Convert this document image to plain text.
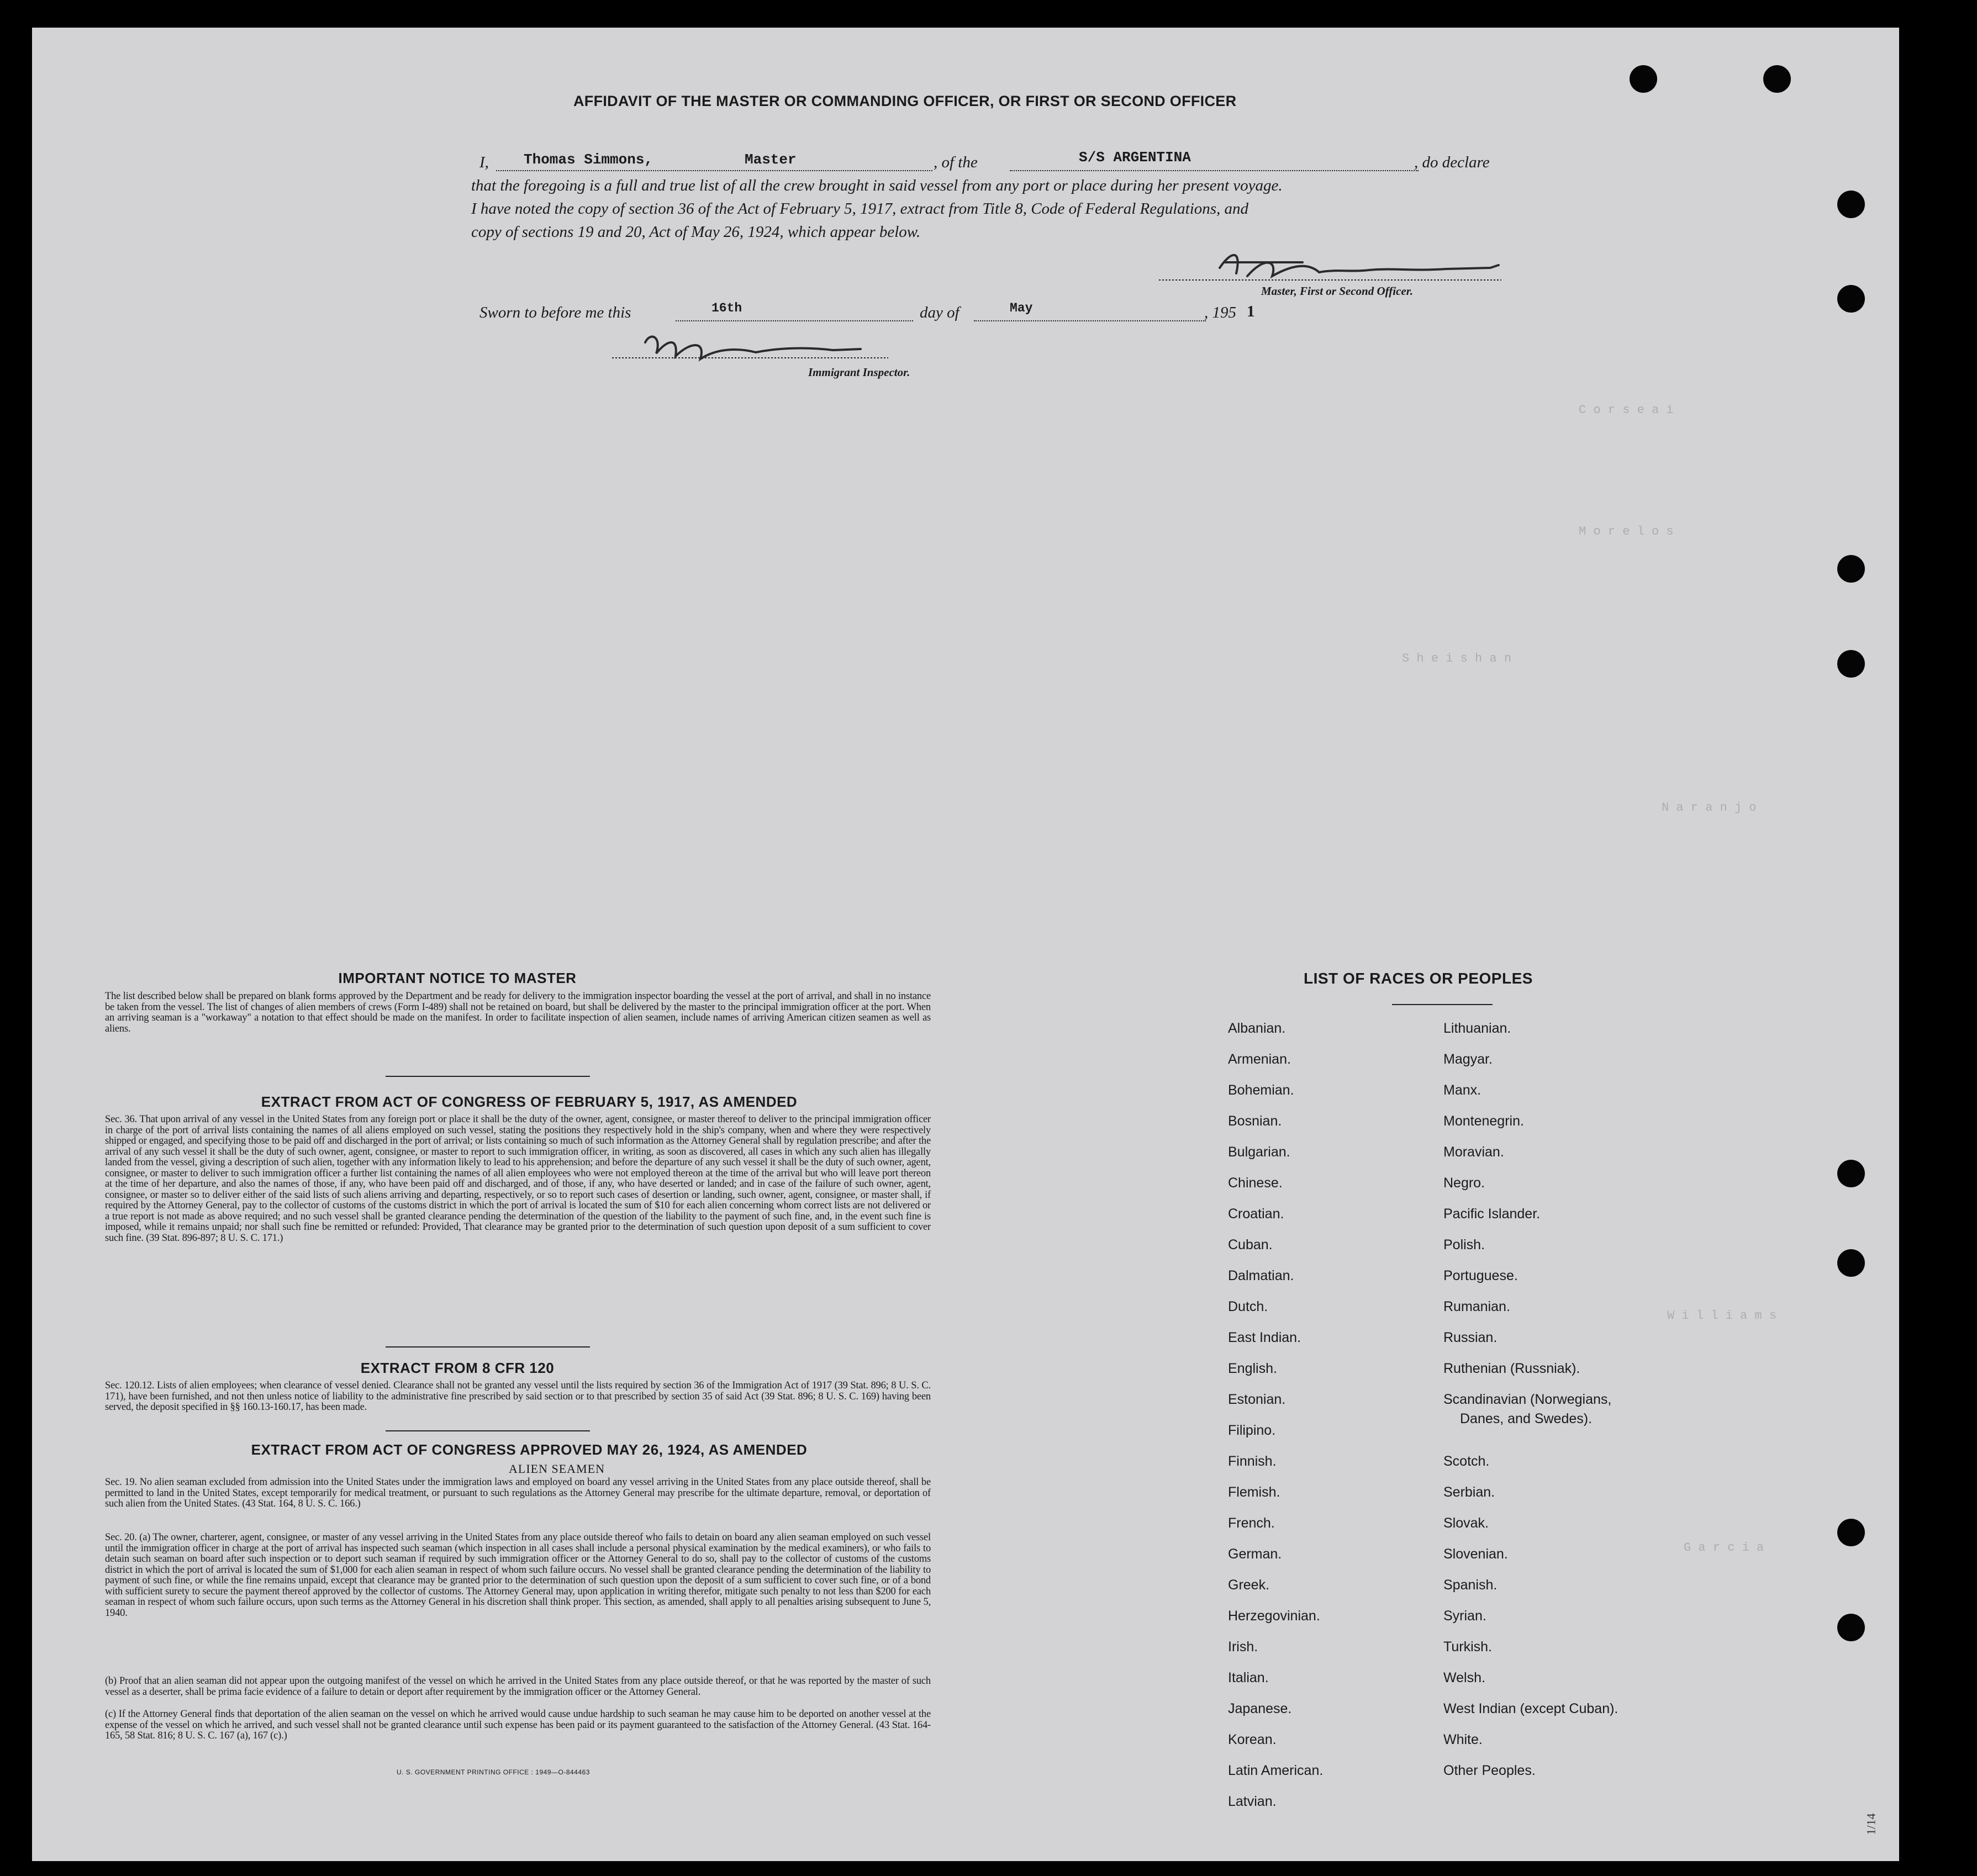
C o r s e a i
M o r e l o s
S h e i s h a n
N a r a n j o
W i l l i a m s
G a r c i a
AFFIDAVIT OF THE MASTER OR COMMANDING OFFICER, OR FIRST OR SECOND OFFICER
I, Thomas Simmons,	Master	, of the	S/S ARGENTINA	, do declare
that the foregoing is a full and true list of all the crew brought in said vessel from any port or place during her present voyage.
I have noted the copy of section 36 of the Act of February 5, 1917, extract from Title 8, Code of Federal Regulations, and
copy of sections 19 and 20, Act of May 26, 1924, which appear below.
Master, First or Second Officer.
Sworn to before me this	16th	day of	May	, 195 1
Immigrant Inspector.
IMPORTANT NOTICE TO MASTER
The list described below shall be prepared on blank forms approved by the Department and be ready for delivery to the immigration inspector boarding the vessel at the port of arrival, and shall in no instance be taken from the vessel. The list of changes of alien members of crews (Form I-489) shall not be retained on board, but shall be delivered by the master to the principal immigration officer at the port. When an arriving seaman is a "workaway" a notation to that effect should be made on the manifest. In order to facilitate inspection of alien seamen, include names of arriving American citizen seamen as well as aliens.
EXTRACT FROM ACT OF CONGRESS OF FEBRUARY 5, 1917, AS AMENDED
Sec. 36. That upon arrival of any vessel in the United States from any foreign port or place it shall be the duty of the owner, agent, consignee, or master thereof to deliver to the principal immigration officer in charge of the port of arrival lists containing the names of all aliens employed on such vessel, stating the positions they respectively hold in the ship's company, when and where they were respectively shipped or engaged, and specifying those to be paid off and discharged in the port of arrival; or lists containing so much of such information as the Attorney General shall by regulation prescribe; and after the arrival of any such vessel it shall be the duty of such owner, agent, consignee, or master to report to such immigration officer, in writing, as soon as discovered, all cases in which any such alien has illegally landed from the vessel, giving a description of such alien, together with any information likely to lead to his apprehension; and before the departure of any such vessel it shall be the duty of such owner, agent, consignee, or master to deliver to such immigration officer a further list containing the names of all alien employees who were not employed thereon at the time of the arrival but who will leave port thereon at the time of her departure, and also the names of those, if any, who have been paid off and discharged, and of those, if any, who have deserted or landed; and in case of the failure of such owner, agent, consignee, or master so to deliver either of the said lists of such aliens arriving and departing, respectively, or so to report such cases of desertion or landing, such owner, agent, consignee, or master shall, if required by the Attorney General, pay to the collector of customs of the customs district in which the port of arrival is located the sum of $10 for each alien concerning whom correct lists are not delivered or a true report is not made as above required; and no such vessel shall be granted clearance pending the determination of the question of the liability to the payment of such fine, and, in the event such fine is imposed, while it remains unpaid; nor shall such fine be remitted or refunded: Provided, That clearance may be granted prior to the determination of such question upon deposit of a sum sufficient to cover such fine. (39 Stat. 896-897; 8 U. S. C. 171.)
EXTRACT FROM 8 CFR 120
Sec. 120.12. Lists of alien employees; when clearance of vessel denied. Clearance shall not be granted any vessel until the lists required by section 36 of the Immigration Act of 1917 (39 Stat. 896; 8 U. S. C. 171), have been furnished, and not then unless notice of liability to the administrative fine prescribed by said section or to that prescribed by section 35 of said Act (39 Stat. 896; 8 U. S. C. 169) having been served, the deposit specified in §§ 160.13-160.17, has been made.
EXTRACT FROM ACT OF CONGRESS APPROVED MAY 26, 1924, AS AMENDED
ALIEN SEAMEN
Sec. 19. No alien seaman excluded from admission into the United States under the immigration laws and employed on board any vessel arriving in the United States from any place outside thereof, shall be permitted to land in the United States, except temporarily for medical treatment, or pursuant to such regulations as the Attorney General may prescribe for the ultimate departure, removal, or deportation of such alien from the United States. (43 Stat. 164, 8 U. S. C. 166.)
Sec. 20. (a) The owner, charterer, agent, consignee, or master of any vessel arriving in the United States from any place outside thereof who fails to detain on board any alien seaman employed on such vessel until the immigration officer in charge at the port of arrival has inspected such seaman (which inspection in all cases shall include a personal physical examination by the medical examiners), or who fails to detain such seaman on board after such inspection or to deport such seaman if required by such immigration officer or the Attorney General to do so, shall pay to the collector of customs of the customs district in which the port of arrival is located the sum of $1,000 for each alien seaman in respect of whom such failure occurs. No vessel shall be granted clearance pending the determination of the liability to payment of such fine, or while the fine remains unpaid, except that clearance may be granted prior to the determination of such question upon the deposit of a sum sufficient to cover such fine, or of a bond with sufficient surety to secure the payment thereof approved by the collector of customs. The Attorney General may, upon application in writing therefor, mitigate such penalty to not less than $200 for each seaman in respect of whom such failure occurs, upon such terms as the Attorney General in his discretion shall think proper. This section, as amended, shall apply to all penalties arising subsequent to June 5, 1940.
(b) Proof that an alien seaman did not appear upon the outgoing manifest of the vessel on which he arrived in the United States from any place outside thereof, or that he was reported by the master of such vessel as a deserter, shall be prima facie evidence of a failure to detain or deport after requirement by the immigration officer or the Attorney General.
(c) If the Attorney General finds that deportation of the alien seaman on the vessel on which he arrived would cause undue hardship to such seaman he may cause him to be deported on another vessel at the expense of the vessel on which he arrived, and such vessel shall not be granted clearance until such expense has been paid or its payment guaranteed to the satisfaction of the Attorney General. (43 Stat. 164-165, 58 Stat. 816; 8 U. S. C. 167 (a), 167 (c).)
U. S. GOVERNMENT PRINTING OFFICE : 1949—O-844463
LIST OF RACES OR PEOPLES
Albanian.
Armenian.
Bohemian.
Bosnian.
Bulgarian.
Chinese.
Croatian.
Cuban.
Dalmatian.
Dutch.
East Indian.
English.
Estonian.
Filipino.
Finnish.
Flemish.
French.
German.
Greek.
Herzegovinian.
Irish.
Italian.
Japanese.
Korean.
Latin American.
Latvian.
Lithuanian.
Magyar.
Manx.
Montenegrin.
Moravian.
Negro.
Pacific Islander.
Polish.
Portuguese.
Rumanian.
Russian.
Ruthenian (Russniak).
Scandinavian (Norwegians,
Danes, and Swedes).
Scotch.
Serbian.
Slovak.
Slovenian.
Spanish.
Syrian.
Turkish.
Welsh.
West Indian (except Cuban).
White.
Other Peoples.
1/14
